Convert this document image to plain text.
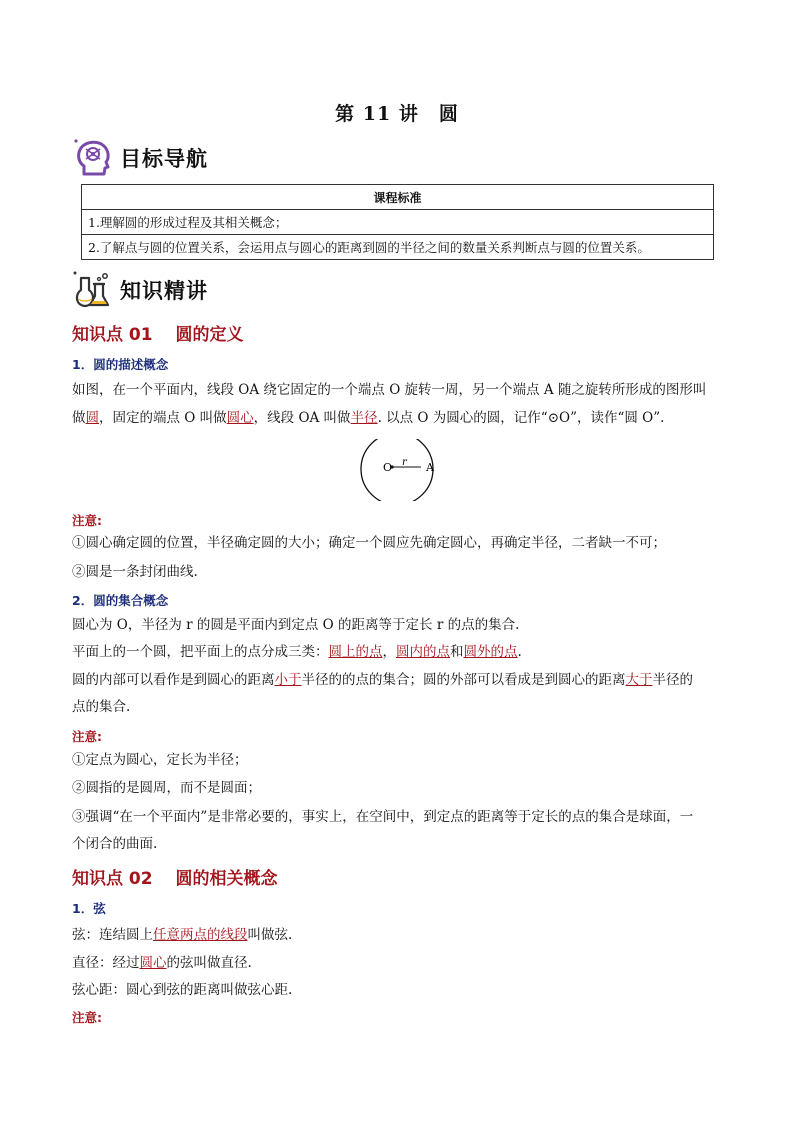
第 11 讲　圆
目标导航
课程标准
1.理解圆的形成过程及其相关概念；
2.了解点与圆的位置关系，会运用点与圆心的距离到圆的半径之间的数量关系判断点与圆的位置关系。
知识精讲
知识点 01　 圆的定义
1．圆的描述概念
如图，在一个平面内，线段 OA 绕它固定的一个端点 O 旋转一周，另一个端点 A 随之旋转所形成的图形叫
做圆，固定的端点 O 叫做圆心，线段 OA 叫做半径. 以点 O 为圆心的圆，记作“⊙O”，读作“圆 O”.
O r A
注意:
①圆心确定圆的位置，半径确定圆的大小；确定一个圆应先确定圆心，再确定半径，二者缺一不可；
②圆是一条封闭曲线.
2．圆的集合概念
圆心为 O，半径为 r 的圆是平面内到定点 O 的距离等于定长 r 的点的集合.
平面上的一个圆，把平面上的点分成三类：圆上的点，圆内的点和圆外的点.
圆的内部可以看作是到圆心的距离小于半径的的点的集合；圆的外部可以看成是到圆心的距离大于半径的
点的集合.
注意:
①定点为圆心，定长为半径；
②圆指的是圆周，而不是圆面；
③强调“在一个平面内”是非常必要的，事实上，在空间中，到定点的距离等于定长的点的集合是球面，一
个闭合的曲面.
知识点 02　 圆的相关概念
1．弦
弦：连结圆上任意两点的线段叫做弦.
直径：经过圆心的弦叫做直径.
弦心距：圆心到弦的距离叫做弦心距.
注意:
